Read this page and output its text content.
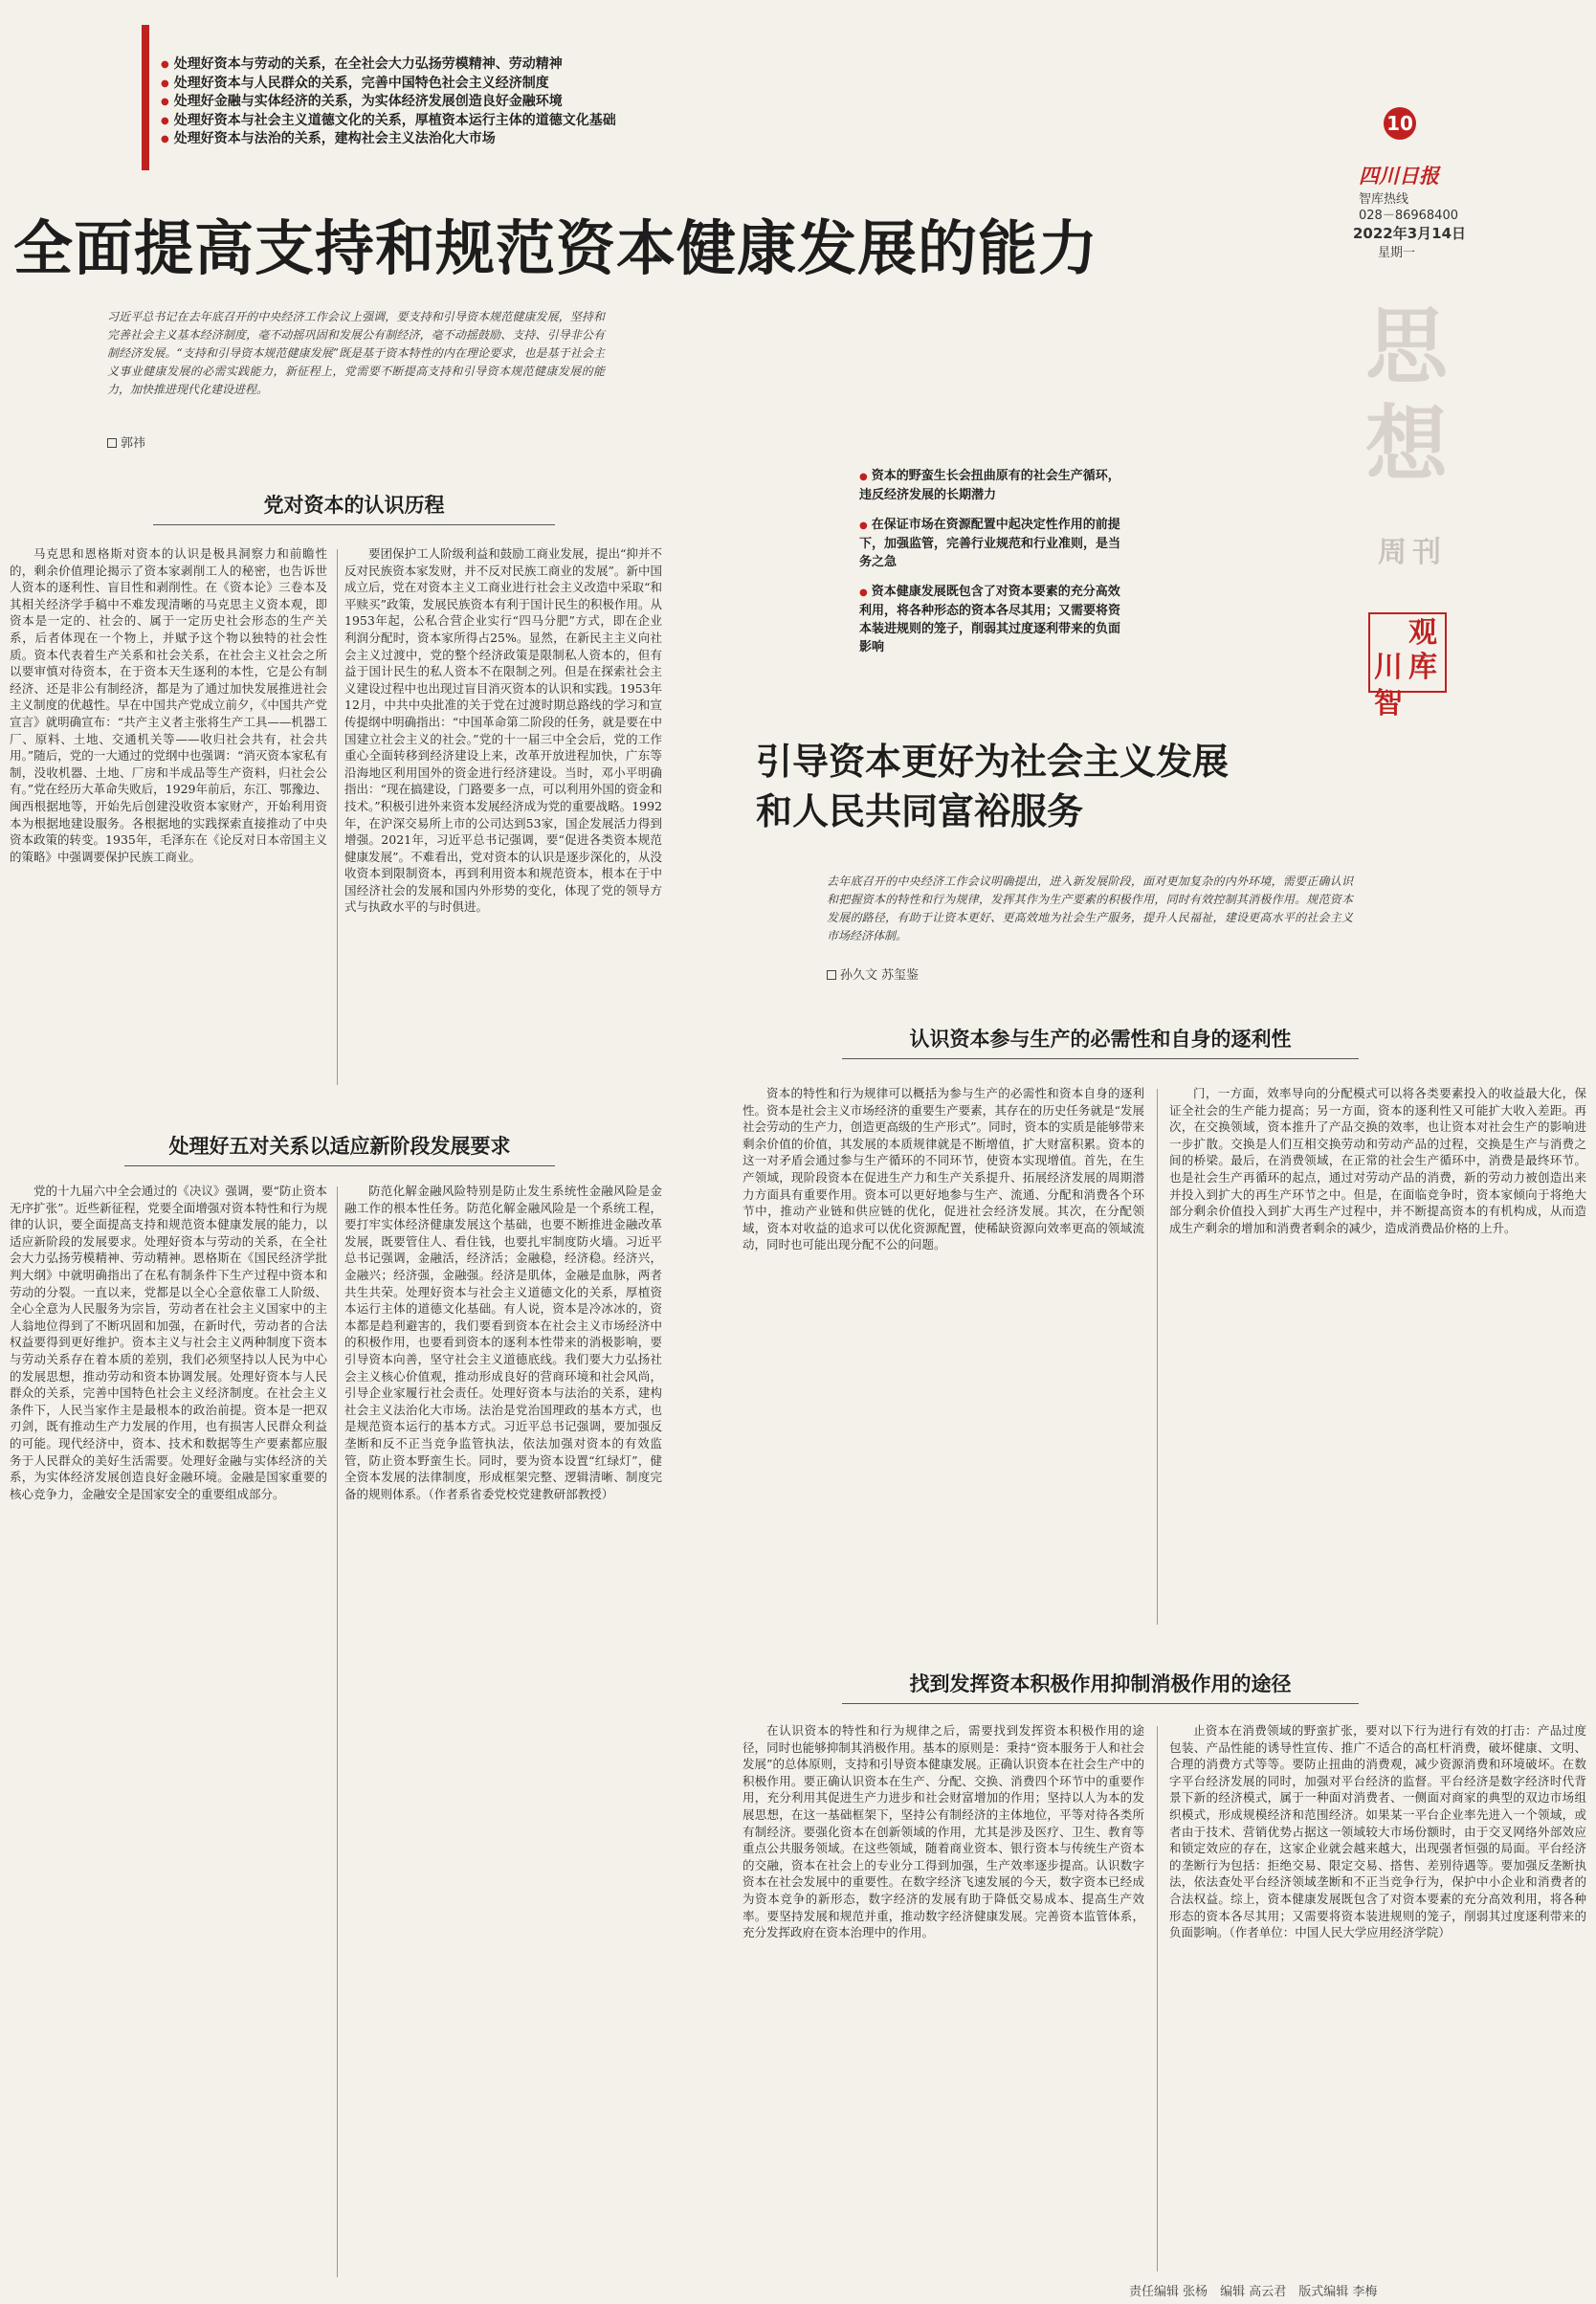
● 处理好资本与劳动的关系，在全社会大力弘扬劳模精神、劳动精神
● 处理好资本与人民群众的关系，完善中国特色社会主义经济制度
● 处理好金融与实体经济的关系，为实体经济发展创造良好金融环境
● 处理好资本与社会主义道德文化的关系，厚植资本运行主体的道德文化基础
● 处理好资本与法治的关系，建构社会主义法治化大市场
全面提高支持和规范资本健康发展的能力
10
四川日报
智库热线
028－86968400
2022年3月14日
星期一
思
想
周刊
川
观
智
库
习近平总书记在去年底召开的中央经济工作会议上强调，要支持和引导资本规范健康发展，坚持和完善社会主义基本经济制度，毫不动摇巩固和发展公有制经济，毫不动摇鼓励、支持、引导非公有制经济发展。“支持和引导资本规范健康发展”既是基于资本特性的内在理论要求，也是基于社会主义事业健康发展的必需实践能力，新征程上，党需要不断提高支持和引导资本规范健康发展的能力，加快推进现代化建设进程。
郭祎
党对资本的认识历程

马克思和恩格斯对资本的认识是极具洞察力和前瞻性的，剩余价值理论揭示了资本家剥削工人的秘密，也告诉世人资本的逐利性、盲目性和剥削性。在《资本论》三卷本及其相关经济学手稿中不难发现清晰的马克思主义资本观，即资本是一定的、社会的、属于一定历史社会形态的生产关系，后者体现在一个物上，并赋予这个物以独特的社会性质。资本代表着生产关系和社会关系，在社会主义社会之所以要审慎对待资本，在于资本天生逐利的本性，它是公有制经济、还是非公有制经济，都是为了通过加快发展推进社会主义制度的优越性。早在中国共产党成立前夕，《中国共产党宣言》就明确宣布：“共产主义者主张将生产工具——机器工厂、原料、土地、交通机关等——收归社会共有，社会共用。”随后，党的一大通过的党纲中也强调：“消灭资本家私有制，没收机器、土地、厂房和半成品等生产资料，归社会公有。”党在经历大革命失败后，1929年前后，东江、鄂豫边、闽西根据地等，开始先后创建没收资本家财产，开始利用资本为根据地建设服务。各根据地的实践探索直接推动了中央资本政策的转变。1935年，毛泽东在《论反对日本帝国主义的策略》中强调要保护民族工商业。

要团保护工人阶级利益和鼓励工商业发展，提出“抑并不反对民族资本家发财，并不反对民族工商业的发展”。新中国成立后，党在对资本主义工商业进行社会主义改造中采取“和平赎买”政策，发展民族资本有利于国计民生的积极作用。从1953年起，公私合营企业实行“四马分肥”方式，即在企业利润分配时，资本家所得占25%。显然，在新民主主义向社会主义过渡中，党的整个经济政策是限制私人资本的，但有益于国计民生的私人资本不在限制之列。但是在探索社会主义建设过程中也出现过盲目消灭资本的认识和实践。1953年12月，中共中央批准的关于党在过渡时期总路线的学习和宣传提纲中明确指出：“中国革命第二阶段的任务，就是要在中国建立社会主义的社会。”党的十一届三中全会后，党的工作重心全面转移到经济建设上来，改革开放进程加快，广东等沿海地区利用国外的资金进行经济建设。当时，邓小平明确指出：“现在搞建设，门路要多一点，可以利用外国的资金和技术。”积极引进外来资本发展经济成为党的重要战略。1992年，在沪深交易所上市的公司达到53家，国企发展活力得到增强。2021年，习近平总书记强调，要“促进各类资本规范健康发展”。不难看出，党对资本的认识是逐步深化的，从没收资本到限制资本，再到利用资本和规范资本，根本在于中国经济社会的发展和国内外形势的变化，体现了党的领导方式与执政水平的与时俱进。

处理好五对关系以适应新阶段发展要求

党的十九届六中全会通过的《决议》强调，要“防止资本无序扩张”。近些新征程，党要全面增强对资本特性和行为规律的认识，要全面提高支持和规范资本健康发展的能力，以适应新阶段的发展要求。处理好资本与劳动的关系，在全社会大力弘扬劳模精神、劳动精神。恩格斯在《国民经济学批判大纲》中就明确指出了在私有制条件下生产过程中资本和劳动的分裂。一直以来，党都是以全心全意依靠工人阶级、全心全意为人民服务为宗旨，劳动者在社会主义国家中的主人翁地位得到了不断巩固和加强，在新时代，劳动者的合法权益要得到更好维护。资本主义与社会主义两种制度下资本与劳动关系存在着本质的差别，我们必须坚持以人民为中心的发展思想，推动劳动和资本协调发展。处理好资本与人民群众的关系，完善中国特色社会主义经济制度。在社会主义条件下，人民当家作主是最根本的政治前提。资本是一把双刃剑，既有推动生产力发展的作用，也有损害人民群众利益的可能。现代经济中，资本、技术和数据等生产要素都应服务于人民群众的美好生活需要。处理好金融与实体经济的关系，为实体经济发展创造良好金融环境。金融是国家重要的核心竞争力，金融安全是国家安全的重要组成部分。

防范化解金融风险特别是防止发生系统性金融风险是金融工作的根本性任务。防范化解金融风险是一个系统工程，要打牢实体经济健康发展这个基础，也要不断推进金融改革发展，既要管住人、看住钱，也要扎牢制度防火墙。习近平总书记强调，金融活，经济活；金融稳，经济稳。经济兴，金融兴；经济强，金融强。经济是肌体，金融是血脉，两者共生共荣。处理好资本与社会主义道德文化的关系，厚植资本运行主体的道德文化基础。有人说，资本是冷冰冰的，资本都是趋利避害的，我们要看到资本在社会主义市场经济中的积极作用，也要看到资本的逐利本性带来的消极影响，要引导资本向善，坚守社会主义道德底线。我们要大力弘扬社会主义核心价值观，推动形成良好的营商环境和社会风尚，引导企业家履行社会责任。处理好资本与法治的关系，建构社会主义法治化大市场。法治是党治国理政的基本方式，也是规范资本运行的基本方式。习近平总书记强调，要加强反垄断和反不正当竞争监管执法，依法加强对资本的有效监管，防止资本野蛮生长。同时，要为资本设置“红绿灯”，健全资本发展的法律制度，形成框架完整、逻辑清晰、制度完备的规则体系。（作者系省委党校党建教研部教授）

● 资本的野蛮生长会扭曲原有的社会生产循环，违反经济发展的长期潜力
● 在保证市场在资源配置中起决定性作用的前提下，加强监管，完善行业规范和行业准则，是当务之急
● 资本健康发展既包含了对资本要素的充分高效利用，将各种形态的资本各尽其用；又需要将资本装进规则的笼子，削弱其过度逐利带来的负面影响
引导资本更好为社会主义发展
和人民共同富裕服务
去年底召开的中央经济工作会议明确提出，进入新发展阶段，面对更加复杂的内外环境，需要正确认识和把握资本的特性和行为规律，发挥其作为生产要素的积极作用，同时有效控制其消极作用。规范资本发展的路径，有助于让资本更好、更高效地为社会生产服务，提升人民福祉，建设更高水平的社会主义市场经济体制。
孙久文 苏玺鉴
认识资本参与生产的必需性和自身的逐利性

资本的特性和行为规律可以概括为参与生产的必需性和资本自身的逐利性。资本是社会主义市场经济的重要生产要素，其存在的历史任务就是“发展社会劳动的生产力，创造更高级的生产形式”。同时，资本的实质是能够带来剩余价值的价值，其发展的本质规律就是不断增值，扩大财富积累。资本的这一对矛盾会通过参与生产循环的不同环节，使资本实现增值。首先，在生产领域，现阶段资本在促进生产力和生产关系提升、拓展经济发展的周期潜力方面具有重要作用。资本可以更好地参与生产、流通、分配和消费各个环节中，推动产业链和供应链的优化，促进社会经济发展。其次，在分配领域，资本对收益的追求可以优化资源配置，使稀缺资源向效率更高的领域流动，同时也可能出现分配不公的问题。

门，一方面，效率导向的分配模式可以将各类要素投入的收益最大化，保证全社会的生产能力提高；另一方面，资本的逐利性又可能扩大收入差距。再次，在交换领域，资本推升了产品交换的效率，也让资本对社会生产的影响进一步扩散。交换是人们互相交换劳动和劳动产品的过程，交换是生产与消费之间的桥梁。最后，在消费领域，在正常的社会生产循环中，消费是最终环节。也是社会生产再循环的起点，通过对劳动产品的消费，新的劳动力被创造出来并投入到扩大的再生产环节之中。但是，在面临竞争时，资本家倾向于将绝大部分剩余价值投入到扩大再生产过程中，并不断提高资本的有机构成，从而造成生产剩余的增加和消费者剩余的减少，造成消费品价格的上升。

找到发挥资本积极作用抑制消极作用的途径

在认识资本的特性和行为规律之后，需要找到发挥资本积极作用的途径，同时也能够抑制其消极作用。基本的原则是：秉持“资本服务于人和社会发展”的总体原则，支持和引导资本健康发展。正确认识资本在社会生产中的积极作用。要正确认识资本在生产、分配、交换、消费四个环节中的重要作用，充分利用其促进生产力进步和社会财富增加的作用；坚持以人为本的发展思想，在这一基础框架下，坚持公有制经济的主体地位，平等对待各类所有制经济。要强化资本在创新领域的作用，尤其是涉及医疗、卫生、教育等重点公共服务领域。在这些领域，随着商业资本、银行资本与传统生产资本的交融，资本在社会上的专业分工得到加强，生产效率逐步提高。认识数字资本在社会发展中的重要性。在数字经济飞速发展的今天，数字资本已经成为资本竞争的新形态，数字经济的发展有助于降低交易成本、提高生产效率。要坚持发展和规范并重，推动数字经济健康发展。完善资本监管体系，充分发挥政府在资本治理中的作用。

止资本在消费领域的野蛮扩张，要对以下行为进行有效的打击：产品过度包装、产品性能的诱导性宣传、推广不适合的高杠杆消费，破坏健康、文明、合理的消费方式等等。要防止扭曲的消费观，减少资源消费和环境破坏。在数字平台经济发展的同时，加强对平台经济的监督。平台经济是数字经济时代背景下新的经济模式，属于一种面对消费者、一侧面对商家的典型的双边市场组织模式，形成规模经济和范围经济。如果某一平台企业率先进入一个领域，或者由于技术、营销优势占据这一领域较大市场份额时，由于交叉网络外部效应和锁定效应的存在，这家企业就会越来越大，出现强者恒强的局面。平台经济的垄断行为包括：拒绝交易、限定交易、搭售、差别待遇等。要加强反垄断执法，依法查处平台经济领域垄断和不正当竞争行为，保护中小企业和消费者的合法权益。综上，资本健康发展既包含了对资本要素的充分高效利用，将各种形态的资本各尽其用；又需要将资本装进规则的笼子，削弱其过度逐利带来的负面影响。（作者单位：中国人民大学应用经济学院）

责任编辑 张杨　编辑 高云君　版式编辑 李梅
